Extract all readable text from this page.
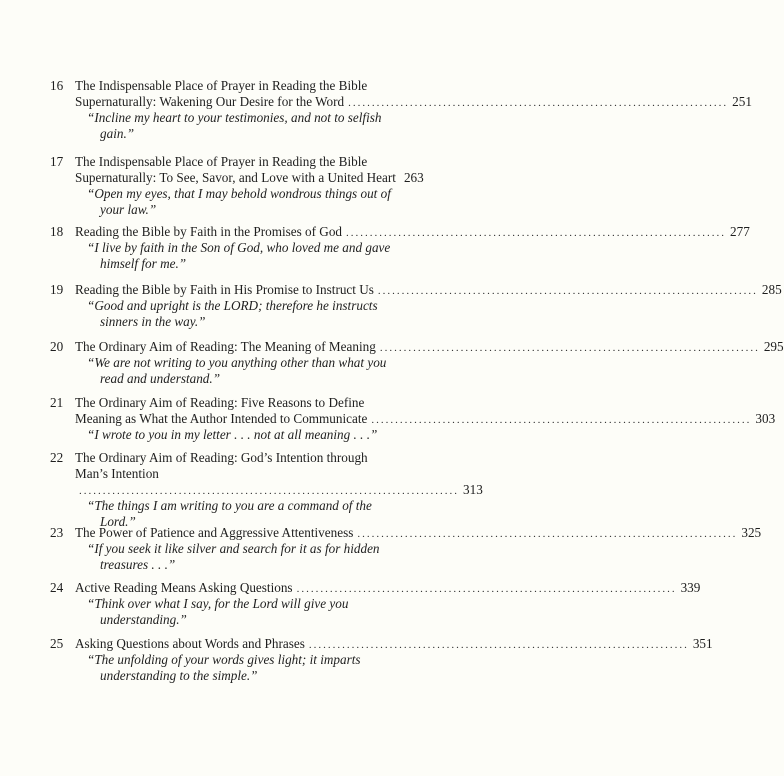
16 The Indispensable Place of Prayer in Reading the Bible
Supernaturally: Wakening Our Desire for the Word ................................................................................ 251
“Incline my heart to your testimonies, and not to selfish
gain.”
17 The Indispensable Place of Prayer in Reading the Bible
Supernaturally: To See, Savor, and Love with a United Heart 263
“Open my eyes, that I may behold wondrous things out of
your law.”
18 Reading the Bible by Faith in the Promises of God ................................................................................ 277
“I live by faith in the Son of God, who loved me and gave
himself for me.”
19 Reading the Bible by Faith in His Promise to Instruct Us ................................................................................ 285
“Good and upright is the LORD; therefore he instructs
sinners in the way.”
20 The Ordinary Aim of Reading: The Meaning of Meaning ................................................................................ 295
“We are not writing to you anything other than what you
read and understand.”
21 The Ordinary Aim of Reading: Five Reasons to Define
Meaning as What the Author Intended to Communicate ................................................................................ 303
“I wrote to you in my letter . . . not at all meaning . . .”
22 The Ordinary Aim of Reading: God’s Intention through
Man’s Intention
................................................................................ 313
“The things I am writing to you are a command of the
Lord.”
23 The Power of Patience and Aggressive Attentiveness ................................................................................ 325
“If you seek it like silver and search for it as for hidden
treasures . . .”
24 Active Reading Means Asking Questions ................................................................................ 339
“Think over what I say, for the Lord will give you
understanding.”
25 Asking Questions about Words and Phrases ................................................................................ 351
“The unfolding of your words gives light; it imparts
understanding to the simple.”
